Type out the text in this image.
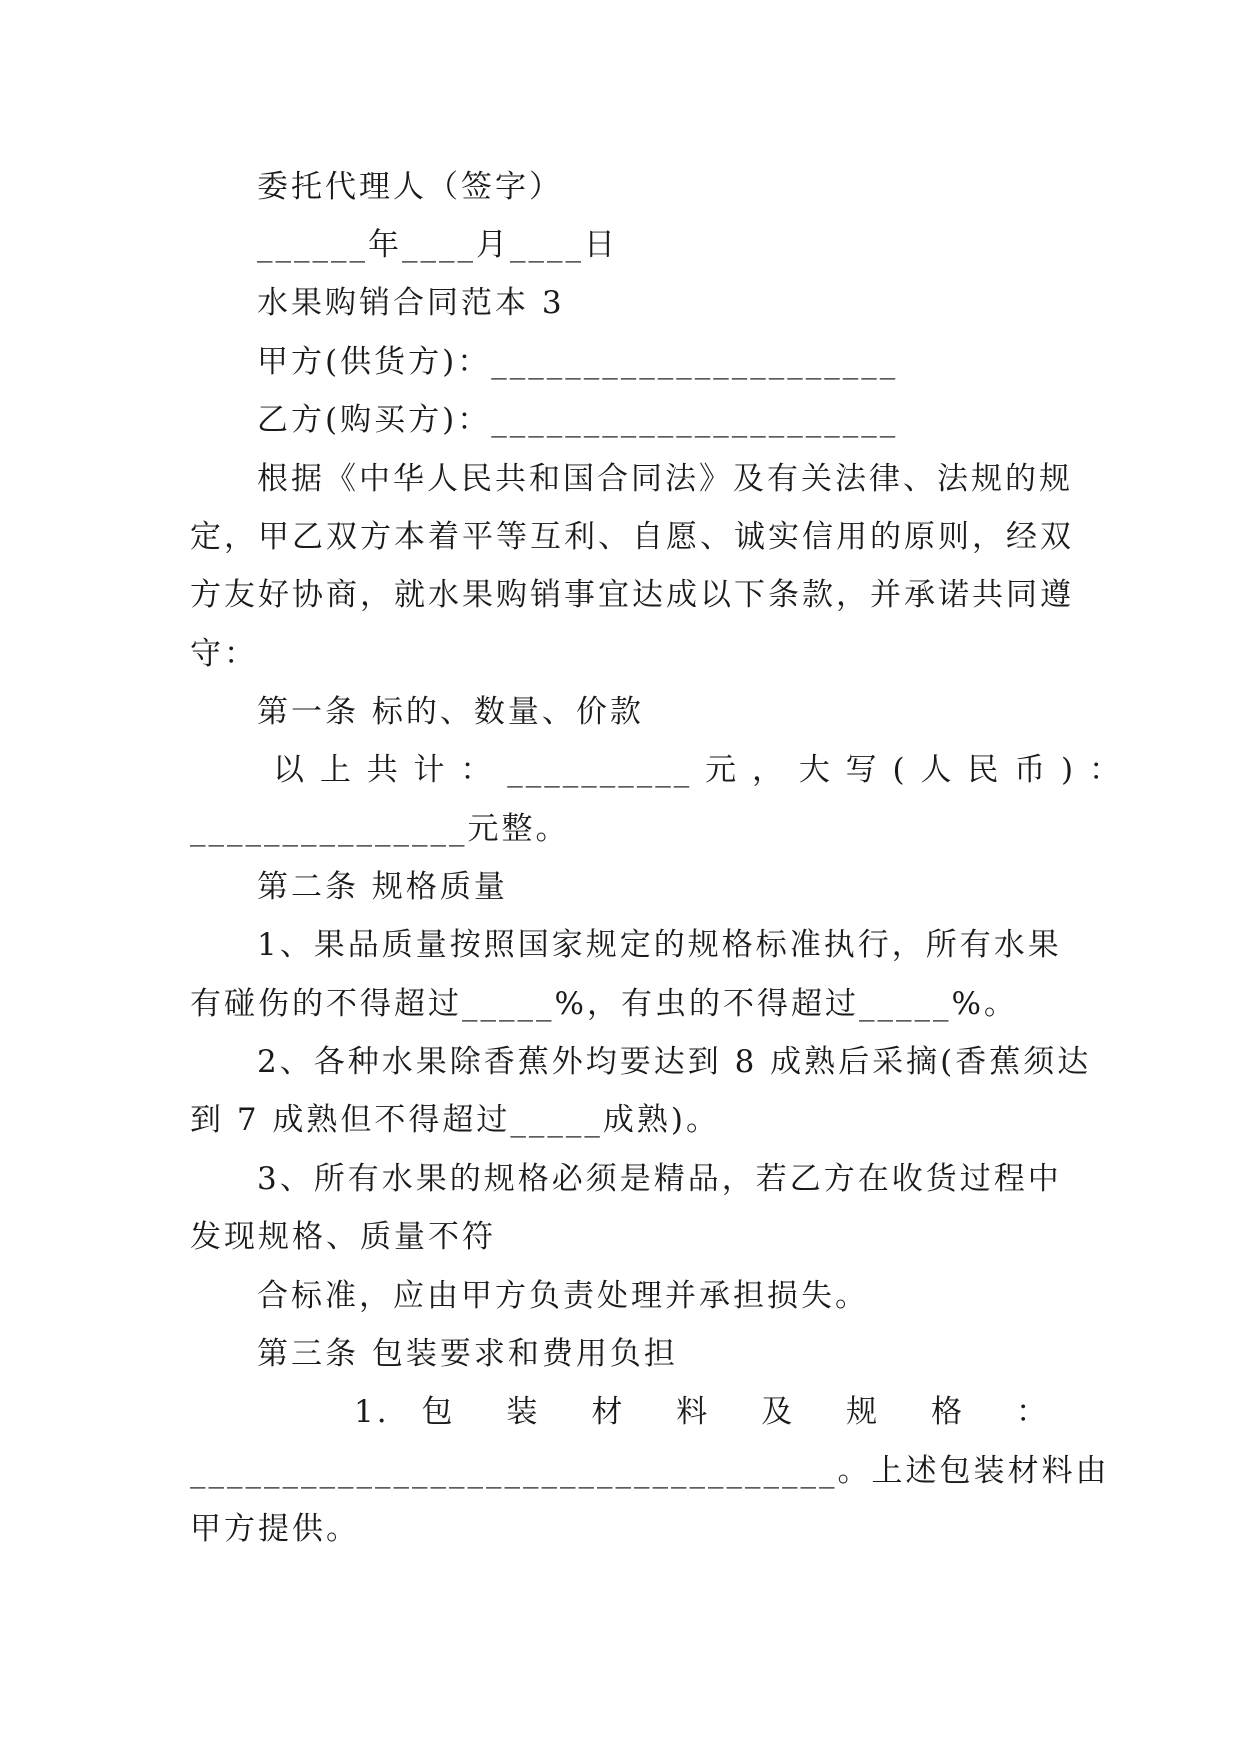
委托代理人（签字）
______年____月____日
水果购销合同范本 3
甲方(供货方)：______________________
乙方(购买方)：______________________
根据《中华人民共和国合同法》及有关法律、法规的规
定，甲乙双方本着平等互利、自愿、诚实信用的原则，经双
方友好协商，就水果购销事宜达成以下条款，并承诺共同遵
守：
第一条 标的、数量、价款
以 上 共 计 ： __________ 元 ， 大 写 ( 人 民 币 ) ：
_______________元整。
第二条 规格质量
1、果品质量按照国家规定的规格标准执行，所有水果
有碰伤的不得超过_____%，有虫的不得超过_____%。
2、各种水果除香蕉外均要达到 8 成熟后采摘(香蕉须达
到 7 成熟但不得超过_____成熟)。
3、所有水果的规格必须是精品，若乙方在收货过程中
发现规格、质量不符
合标准，应由甲方负责处理并承担损失。
第三条 包装要求和费用负担
1. 包 装 材 料 及 规 格 ：
___________________________________。上述包装材料由
甲方提供。
